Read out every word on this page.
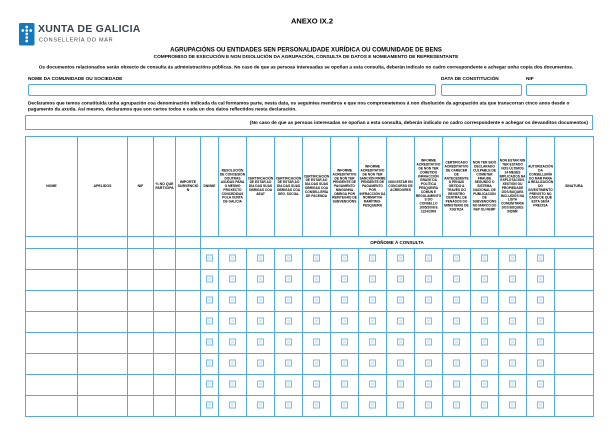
XUNTA DE GALICIA
CONSELLERÍA DO MAR
ANEXO IX.2
AGRUPACIÓNS OU ENTIDADES SEN PERSONALIDADE XURÍDICA OU COMUNIDADE DE BENS
COMPROMISO DE EXECUCIÓN E NON DISOLUCIÓN DA AGRUPACIÓN, CONSULTA DE DATOS E NOMEAMENTO DE REPRESENTANTE
Os documentos relacionados serán obxecto de consulta ás administracións públicas. No caso de que as persoas interesadas se opoñan a esta consulta, deberán indicalo no cadro correspondente e achegar unha copia dos documentos.
NOME DA COMUNIDADE OU SOCIEDADE	DATA DE CONSTITUCIÓN	NIF
Declaramos que temos constituída unha agrupación coa denominación indicada da cal formamos parte, nesta data, os seguintes membros e que nos comprometemos á non disolución da agrupación ata que transcorran cinco anos desde o
pagamento da axuda. Así mesmo, declaramos que son certos todos e cada un dos datos reflectidos nesta declaración.
(No caso de que as persoas interesadas se opoñan a esta consulta, deberán indicalo no cadro correspondente e achegar os devanditos documentos)
NOME	APELIDOS	NIF	% NO QUE PARTICIPA	IMPORTE SUBVENCIÓN	DNI/NIE	RESOLUCIÓN DE CONCESIÓN DOUTRAS AXUDAS PARA O MESMO PROXECTO CONCEDIDAS POLA XUNTA DE GALICIA	CERTIFICACIÓN DE ESTAR AO DÍA DAS SÚAS OBRIGAS COA AEAT	CERTIFICACIÓN DE ESTAR AO DÍA DAS SÚAS OBRIGAS COA SEG. SOCIAL	CERTIFICACIÓN DE ESTAR AO DÍA DAS SÚAS OBRIGAS COA CONSELLERÍA DE FACENDA	INFORME ACREDITATIVO DE NON TER PENDENTE DE PAGAMENTO NINGUNHA OBRIGA POR REINTEGRO DE SUBVENCIÓNS	INFORME ACREDITATIVO DE NON TER SANCIÓN FIRME PENDENTE DE PAGAMENTO POR INFRACCIÓN DA NORMATIVA MARÍTIMO-PESQUEIRA	NON ESTAR EN CONCURSO DE ACREDORES	INFORME ACREDITATIVO DE NON TER COMETIDO INFRACCIÓN GRAVE DA POLÍTICA PESQUEIRA COMÚN E REGULAMENTOS DO CONSELLO 1005/2008 E 1224/2009	CERTIFICADO ACREDITATIVO DE CARECER DE ANTECEDENTES PENAIS OBTIDO A TRAVÉS DO REXISTRO CENTRAL DE PENADOS DO MINISTERIO DE XUSTIZA	NON TER SIDO DECLARADO CULPABLE DE COMETER FRAUDE SEGUNDO O SISTEMA NACIONAL DE PUBLICACIÓN DE SUBVENCIÓNS NO MARCO DO FEP OU FEMP	NON ESTAR NIN TER ESTADO NOS ÚLTIMOS 24 MESES IMPLICADOS NA EXPLOTACIÓN, XESTIÓN OU PROPIEDADE DOS BUQUES INCLUÍDOS NA LISTA COMUNITARIA DOS BUQUES INDNR	AUTORIZACIÓN DA CONSELLERÍA DO MAR PARA A REALIZACIÓN DO INVESTIMENTO PREVISTO NO CASO DE QUE ESTA SEXA PRECISA	SINATURA

					OPÓÑOME Á CONSULTA													
